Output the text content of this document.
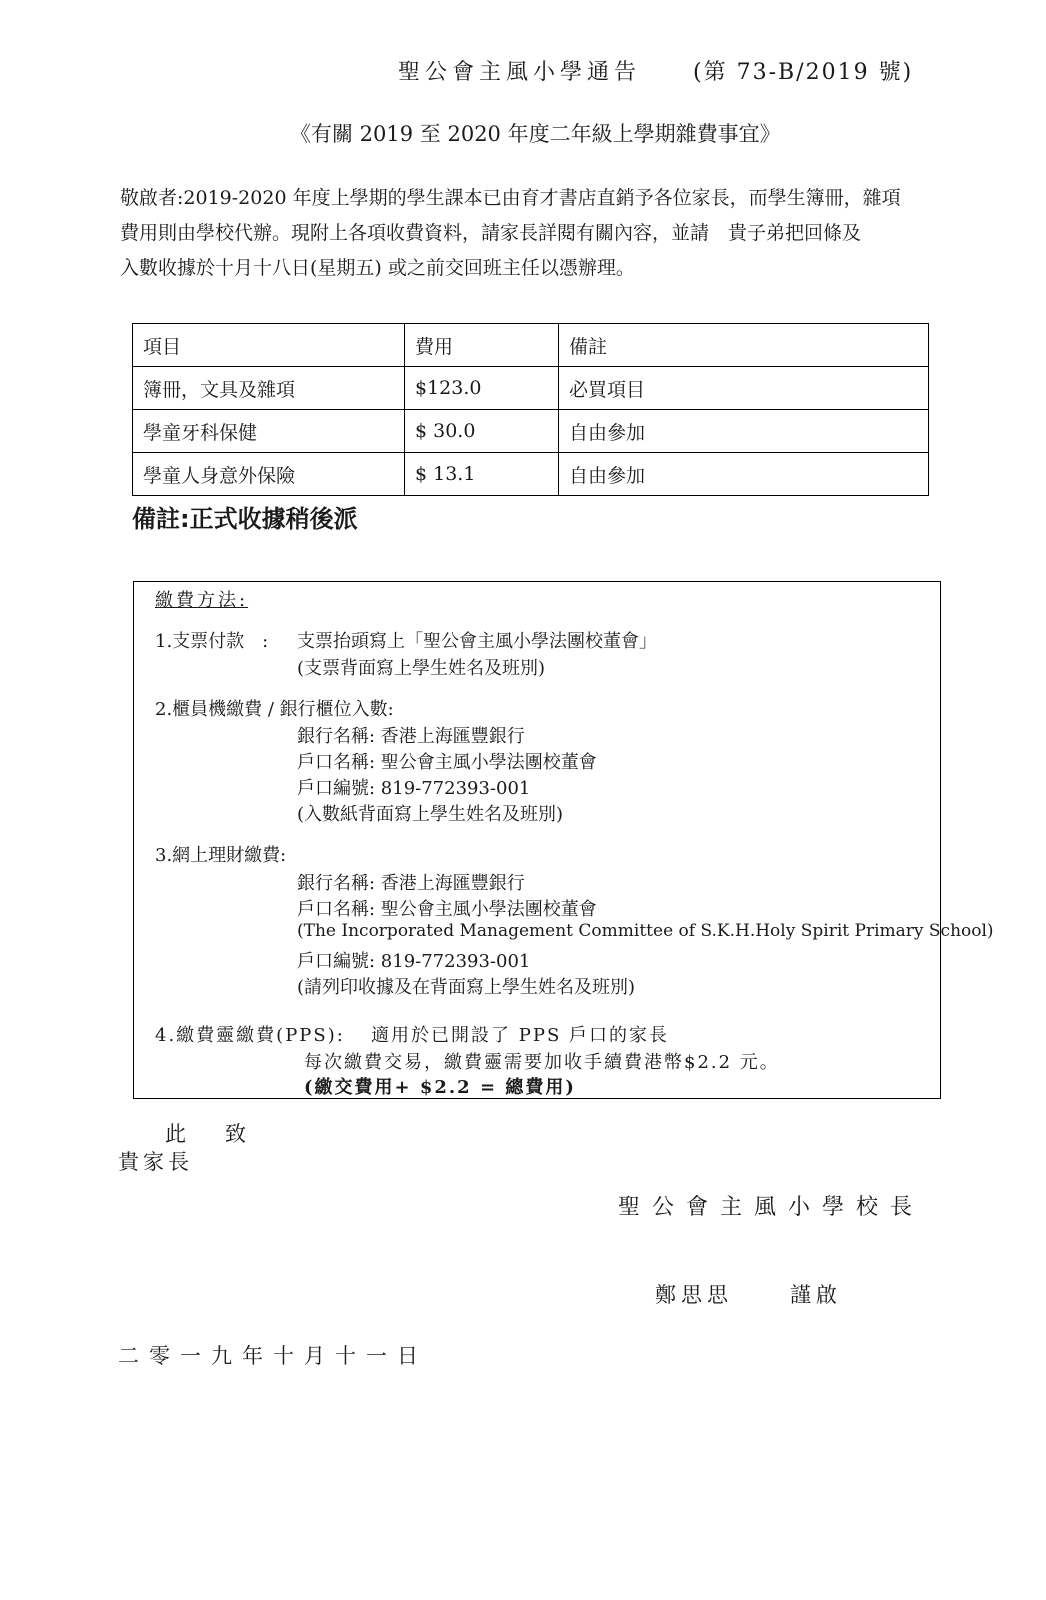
聖公會主風小學通告 (第 73-B/2019 號)
《有關 2019 至 2020 年度二年級上學期雜費事宜》

敬啟者:2019-2020 年度上學期的學生課本已由育才書店直銷予各位家長，而學生簿冊，雜項

費用則由學校代辦。現附上各項收費資料，請家長詳閱有關內容，並請　貴子弟把回條及

入數收據於十月十八日(星期五) 或之前交回班主任以憑辦理。

項目	費用	備註
簿冊，文具及雜項	$123.0	必買項目
學童牙科保健	$ 30.0	自由參加
學童人身意外保險	$ 13.1	自由參加
備註:正式收據稍後派
繳費方法:
1.支票付款　: 支票抬頭寫上「聖公會主風小學法團校董會」
(支票背面寫上學生姓名及班別)
2.櫃員機繳費 / 銀行櫃位入數:
銀行名稱: 香港上海匯豐銀行
戶口名稱: 聖公會主風小學法團校董會
戶口編號: 819-772393-001
(入數紙背面寫上學生姓名及班別)
3.網上理財繳費:
銀行名稱: 香港上海匯豐銀行
戶口名稱: 聖公會主風小學法團校董會
(The Incorporated Management Committee of S.K.H.Holy Spirit Primary School)
戶口編號: 819-772393-001
(請列印收據及在背面寫上學生姓名及班別)
4.繳費靈繳費(PPS): 適用於已開設了 PPS 戶口的家長
每次繳費交易，繳費靈需要加收手續費港幣$2.2 元。
(繳交費用+ $2.2 = 總費用)
此 致
貴家長
聖公會主風小學校長
鄭思思	謹啟
二零一九年十月十一日
